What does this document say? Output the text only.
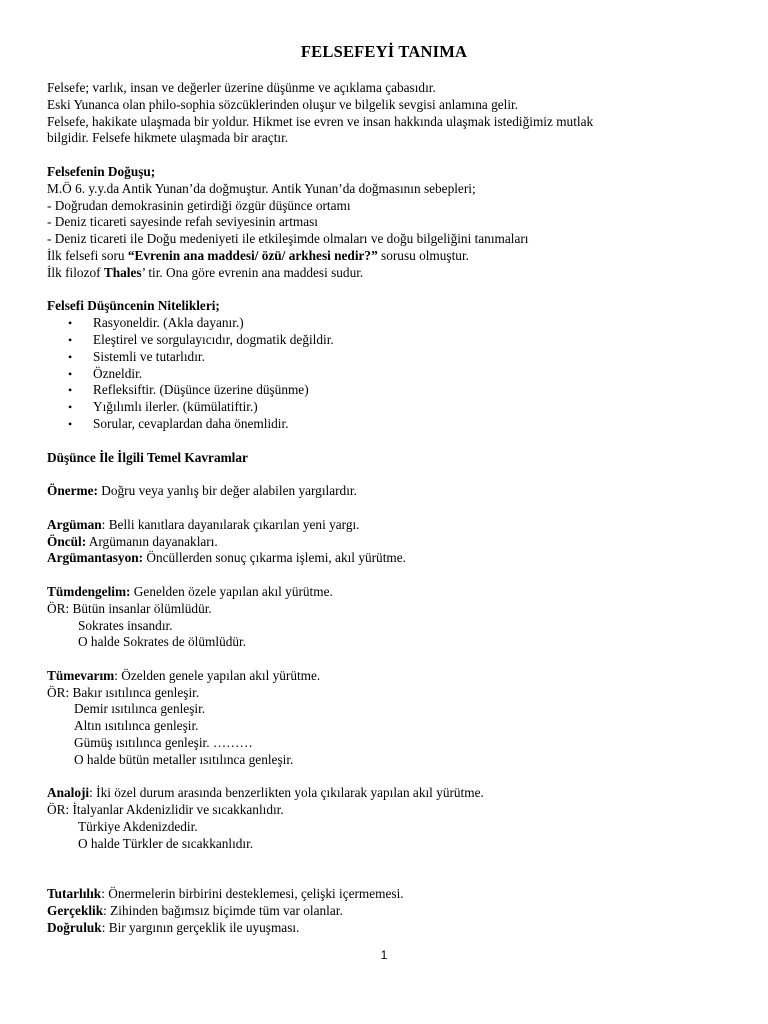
FELSEFEYİ TANIMA
Felsefe; varlık, insan ve değerler üzerine düşünme ve açıklama çabasıdır.
Eski Yunanca olan philo-sophia sözcüklerinden oluşur ve bilgelik sevgisi anlamına gelir.
Felsefe, hakikate ulaşmada bir yoldur. Hikmet ise evren ve insan hakkında ulaşmak istediğimiz mutlak
bilgidir. Felsefe hikmete ulaşmada bir araçtır.
Felsefenin Doğuşu;
M.Ö 6. y.y.da Antik Yunan’da doğmuştur. Antik Yunan’da doğmasının sebepleri;
- Doğrudan demokrasinin getirdiği özgür düşünce ortamı
- Deniz ticareti sayesinde refah seviyesinin artması
- Deniz ticareti ile Doğu medeniyeti ile etkileşimde olmaları ve doğu bilgeliğini tanımaları
İlk felsefi soru “Evrenin ana maddesi/ özü/ arkhesi nedir?” sorusu olmuştur.
İlk filozof Thales’ tir. Ona göre evrenin ana maddesi sudur.
Felsefi Düşüncenin Nitelikleri;
• Rasyoneldir. (Akla dayanır.)
• Eleştirel ve sorgulayıcıdır, dogmatik değildir.
• Sistemli ve tutarlıdır.
• Özneldir.
• Refleksiftir. (Düşünce üzerine düşünme)
• Yığılımlı ilerler. (kümülatiftir.)
• Sorular, cevaplardan daha önemlidir.
Düşünce İle İlgili Temel Kavramlar
Önerme: Doğru veya yanlış bir değer alabilen yargılardır.
Argüman: Belli kanıtlara dayanılarak çıkarılan yeni yargı.
Öncül: Argümanın dayanakları.
Argümantasyon: Öncüllerden sonuç çıkarma işlemi, akıl yürütme.
Tümdengelim: Genelden özele yapılan akıl yürütme.
ÖR: Bütün insanlar ölümlüdür.
Sokrates insandır.
O halde Sokrates de ölümlüdür.
Tümevarım: Özelden genele yapılan akıl yürütme.
ÖR: Bakır ısıtılınca genleşir.
Demir ısıtılınca genleşir.
Altın ısıtılınca genleşir.
Gümüş ısıtılınca genleşir. ………
O halde bütün metaller ısıtılınca genleşir.
Analoji: İki özel durum arasında benzerlikten yola çıkılarak yapılan akıl yürütme.
ÖR: İtalyanlar Akdenizlidir ve sıcakkanlıdır.
Türkiye Akdenizdedir.
O halde Türkler de sıcakkanlıdır.
Tutarlılık: Önermelerin birbirini desteklemesi, çelişki içermemesi.
Gerçeklik: Zihinden bağımsız biçimde tüm var olanlar.
Doğruluk: Bir yargının gerçeklik ile uyuşması.
1
